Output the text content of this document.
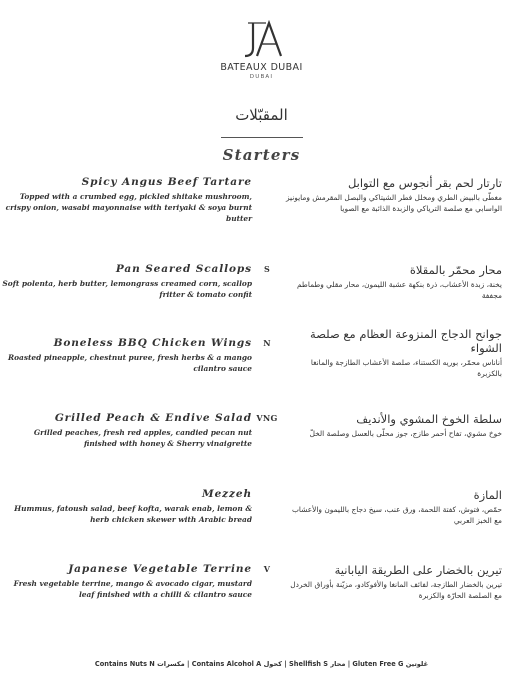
BATEAUX DUBAI
DUBAI
المقبّلات
Starters
Spicy Angus Beef Tartare
Topped with a crumbed egg, pickled shitake mushroom, crispy onion, wasabi mayonnaise with teriyaki & soya burnt butter
تارتار لحم بقر أنجوس مع التوابل
مغطّى بالبيض الطري ومخلل فطر الشيتاكي والبصل المقرمش ومايونيز الواسابي مع صلصة الترياكي والزبدة الذائبة مع الصويا
Pan Seared Scallops
Soft polenta, herb butter, lemongrass creamed corn, scallop fritter & tomato confit
S	محار محمّر بالمقلاة
يخنة، زبدة الأعشاب، ذرة بنكهة عشبة الليمون، محار مقلي وطماطم مجففة
Boneless BBQ Chicken Wings
Roasted pineapple, chestnut puree, fresh herbs & a mango cilantro sauce
N
جوانح الدجاج المنزوعة العظام مع صلصة الشواء
أناناس محمّر، بوريه الكستناء، صلصة الأعشاب الطازجة والمانغا بالكزبرة
Grilled Peach & Endive Salad
Grilled peaches, fresh red apples, candied pecan nut finished with honey & Sherry vinaigrette
VNG	سلطة الخوخ المشوي والأنديف
خوخ مشوي، تفاح أحمر طازج، جوز محلّى بالعسل وصلصة الخلّ
Mezzeh
Hummus, fatoush salad, beef kofta, warak enab, lemon & herb chicken skewer with Arabic bread
المازة
حمّص، فتوش، كفتة اللحمة، ورق عنب، سيخ دجاج بالليمون والأعشاب مع الخبز العربي
Japanese Vegetable Terrine
Fresh vegetable terrine, mango & avocado cigar, mustard leaf finished with a chilli & cilantro sauce
V	تيرين بالخضار على الطريقة اليابانية
تيرين بالخضار الطازجة، لفائف المانغا والأفوكادو، مزيّنة بأوراق الخردل مع الصلصة الحارّة والكزبرة
Contains Nuts N مكسرات | Contains Alcohol A كحول | Shellfish S محار | Gluten Free G غلوتين
